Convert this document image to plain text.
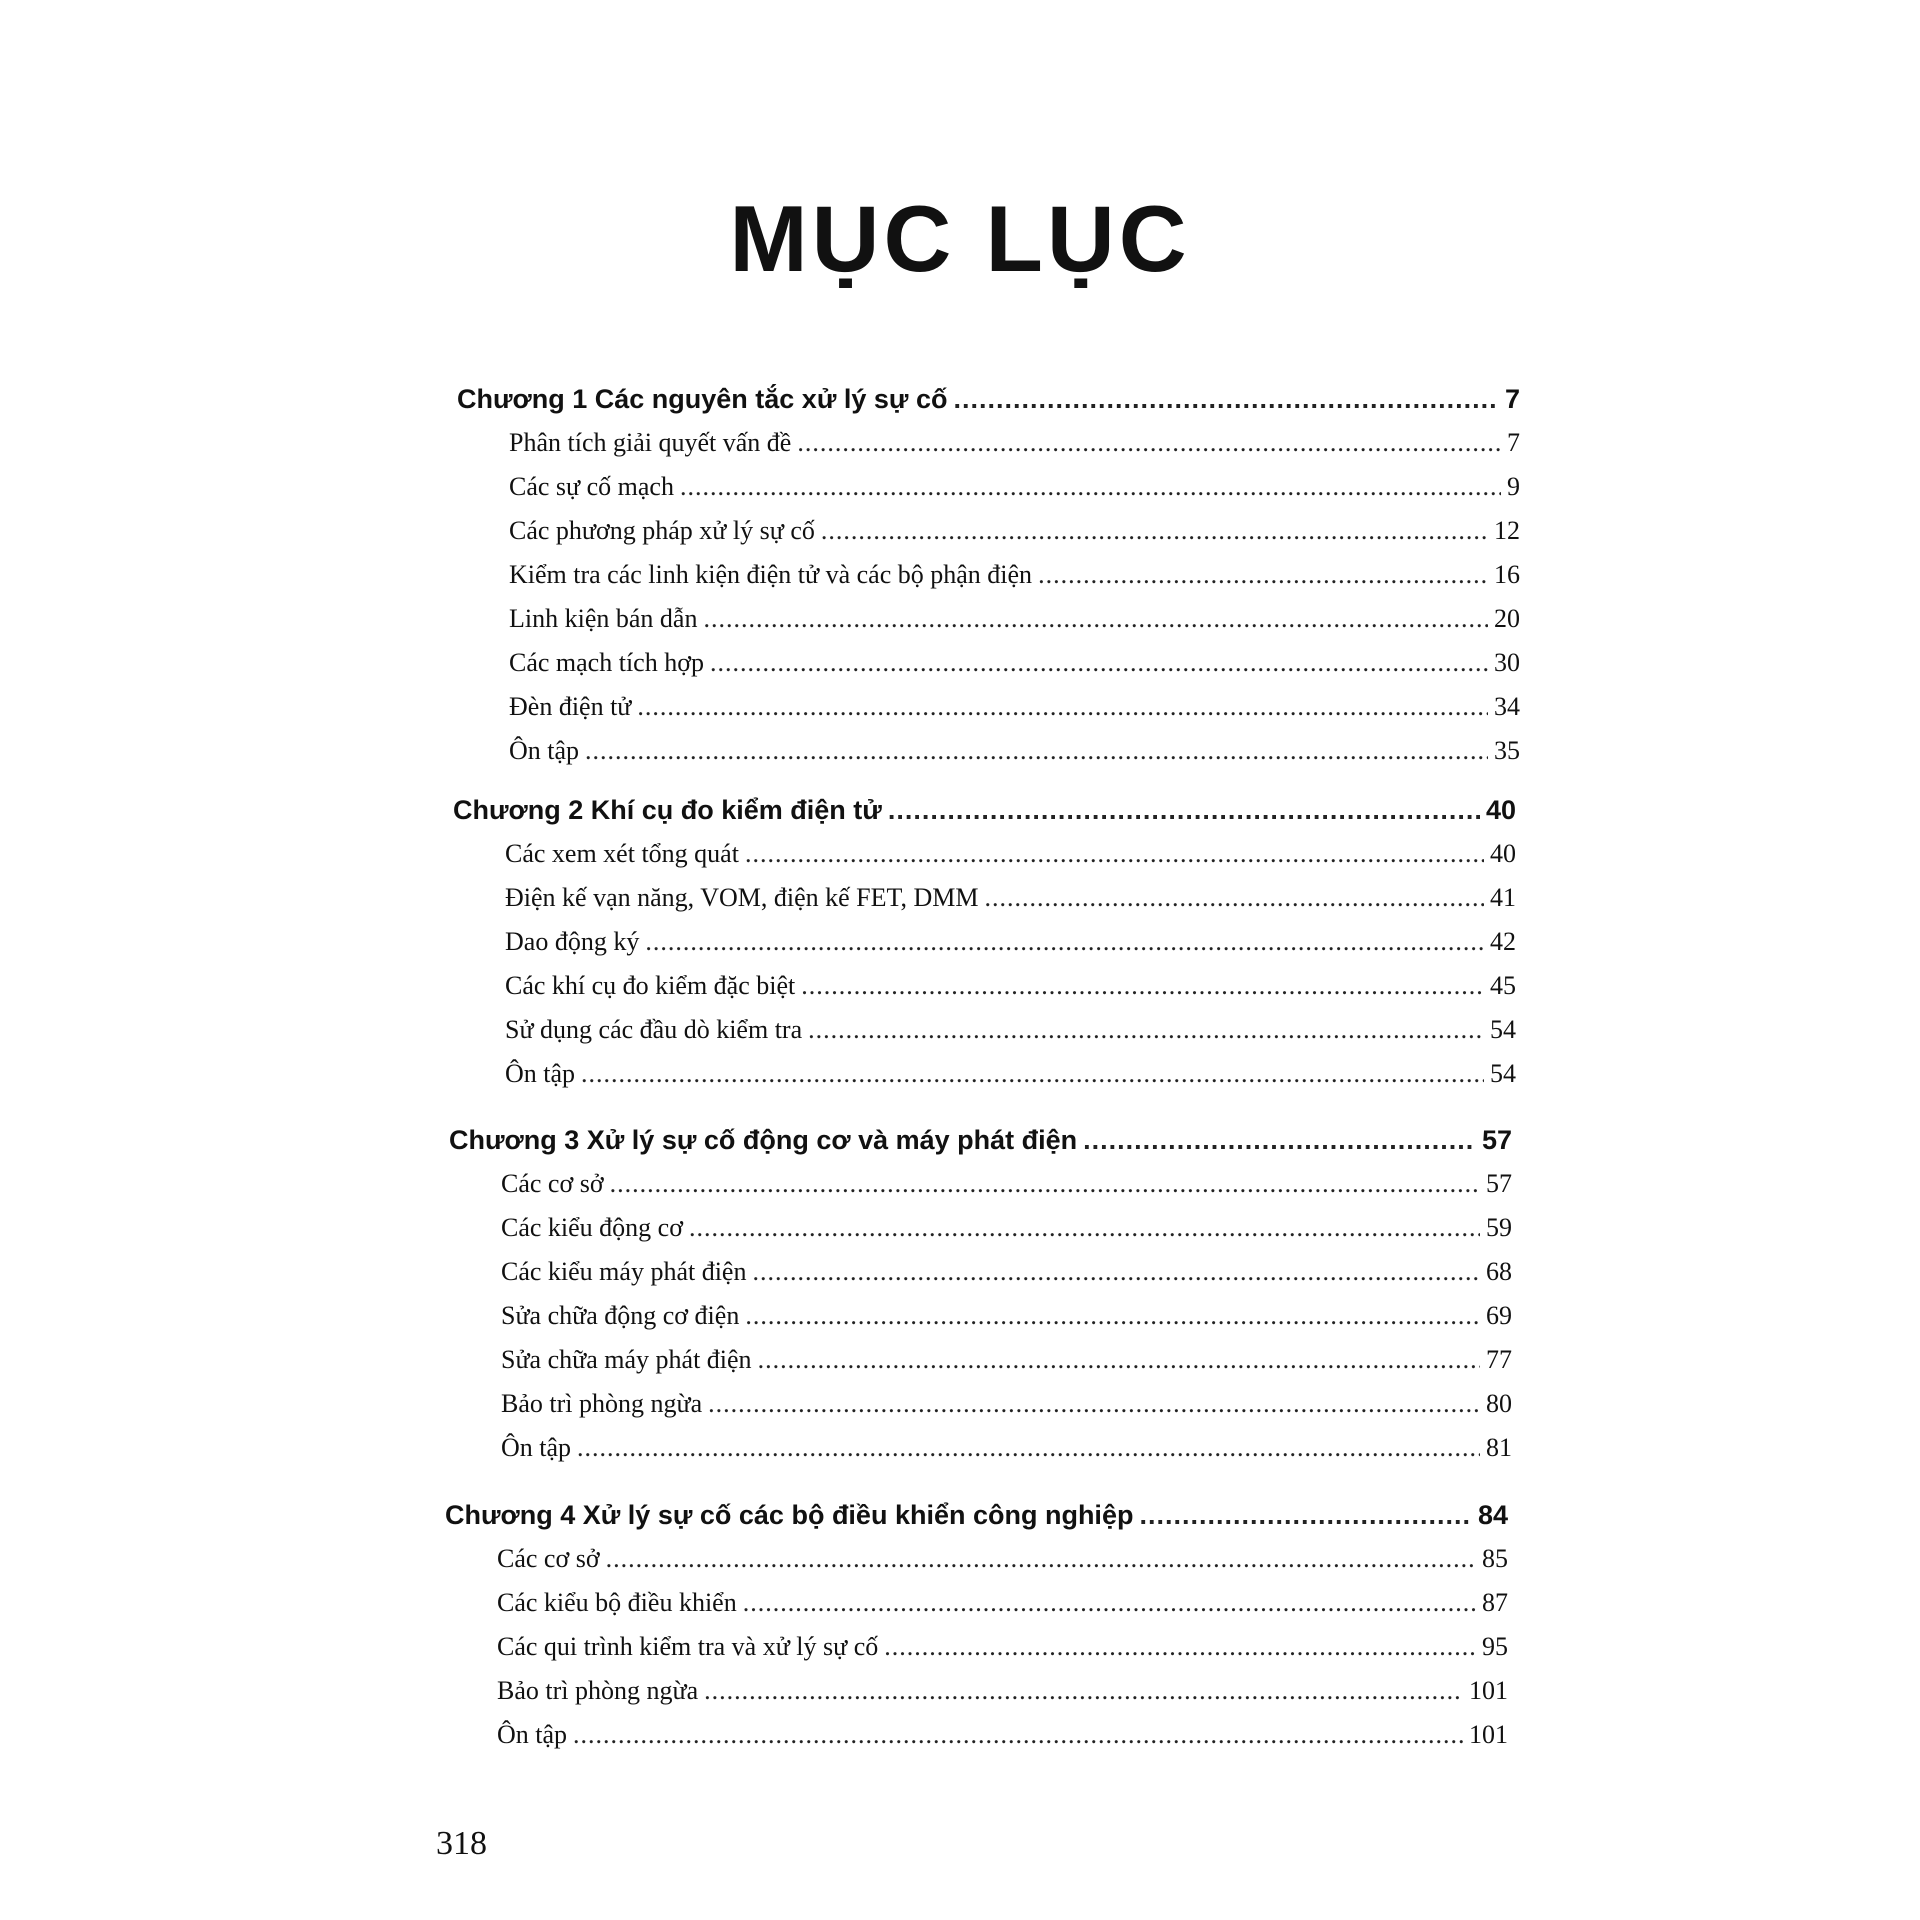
MỤC LỤC
Chương 1 Các nguyên tắc xử lý sự cố .....	7
Phân tích giải quyết vấn đề .....	7
Các sự cố mạch .....	9
Các phương pháp xử lý sự cố .....	12
Kiểm tra các linh kiện điện tử và các bộ phận điện .....	16
Linh kiện bán dẫn .....	20
Các mạch tích hợp .....	30
Đèn điện tử .....	34
Ôn tập .....	35
Chương 2 Khí cụ đo kiểm điện tử .....	40
Các xem xét tổng quát .....	40
Điện kế vạn năng, VOM, điện kế FET, DMM .....	41
Dao động ký .....	42
Các khí cụ đo kiểm đặc biệt .....	45
Sử dụng các đầu dò kiểm tra .....	54
Ôn tập .....	54
Chương 3 Xử lý sự cố động cơ và máy phát điện .....	57
Các cơ sở .....	57
Các kiểu động cơ .....	59
Các kiểu máy phát điện .....	68
Sửa chữa động cơ điện .....	69
Sửa chữa máy phát điện .....	77
Bảo trì phòng ngừa .....	80
Ôn tập .....	81
Chương 4 Xử lý sự cố các bộ điều khiển công nghiệp .....	84
Các cơ sở .....	85
Các kiểu bộ điều khiển .....	87
Các qui trình kiểm tra và xử lý sự cố .....	95
Bảo trì phòng ngừa .....	101
Ôn tập .....	101
318
